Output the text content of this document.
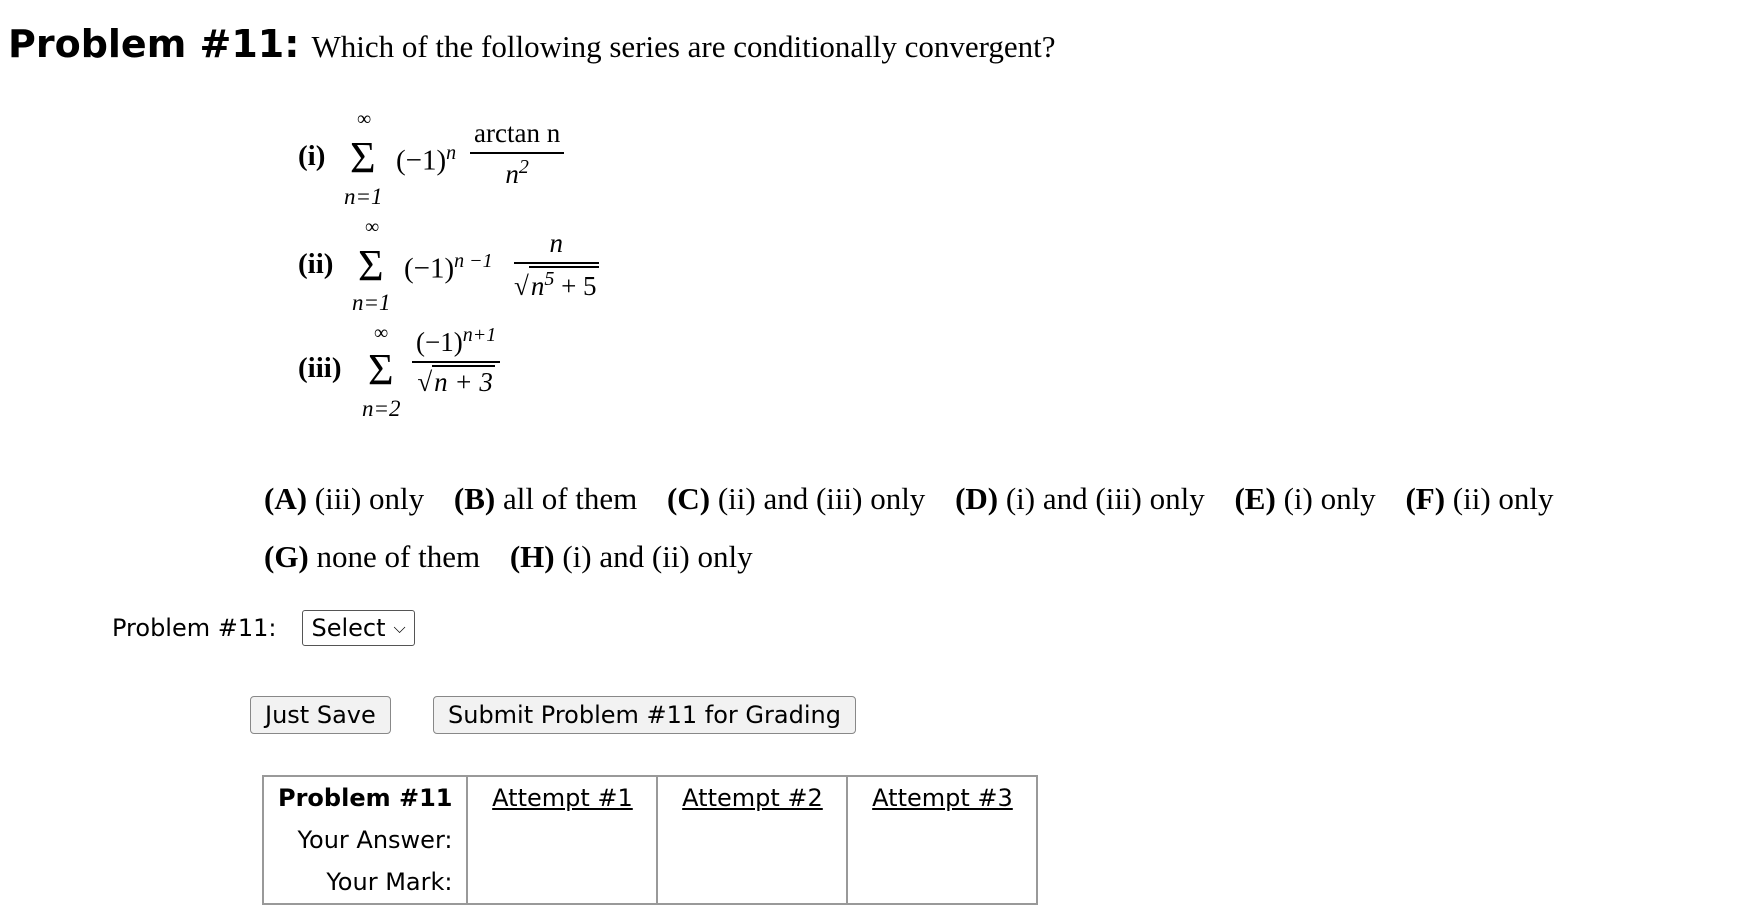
Problem #11: Which of the following series are conditionally convergent?
(i)
∞
Σ
n=1
$(-1)^n \frac{\text{arctan n}}{n^2}$
(ii)
∞
Σ
n=1
$(-1)^{n -1} \frac{n}{√n^5 + 5}$
(iii)
∞
Σ
n=2
$\frac{(-1)^{n+1}}{√n + 3}$
(A) (iii) only (B) all of them (C) (ii) and (iii) only (D) (i) and (iii) only (E) (i) only (F) (ii) only
(G) none of them (H) (i) and (ii) only
Problem #11: Select ⌵
Just Save	Submit Problem #11 for Grading
Problem #11	Attempt #1	Attempt #2	Attempt #3
Your Answer:			
Your Mark:			
